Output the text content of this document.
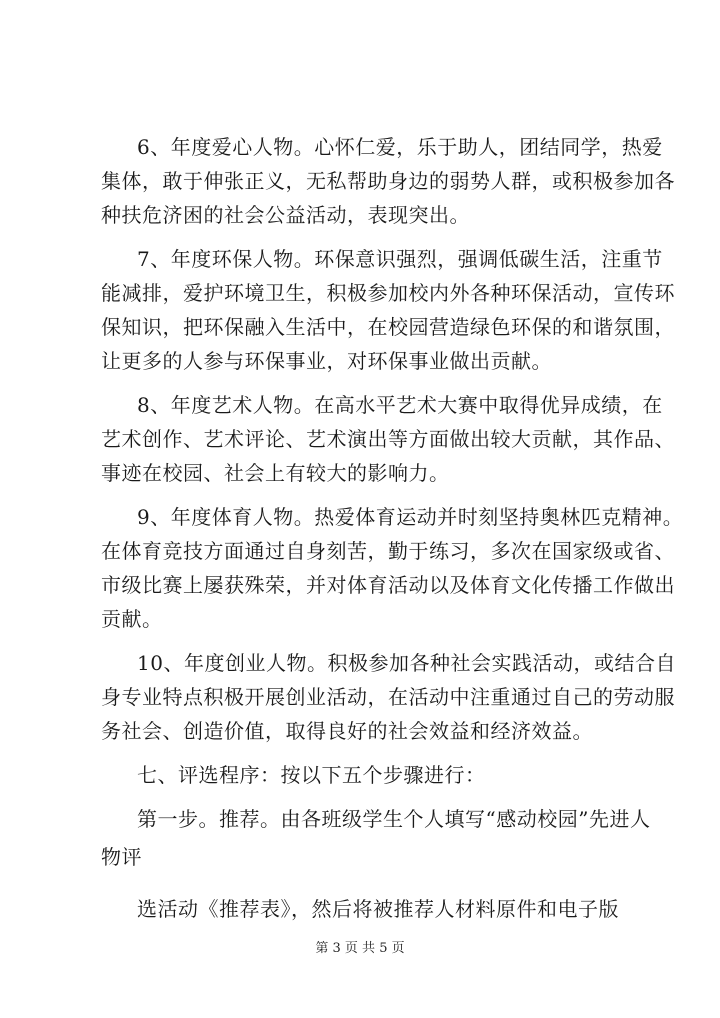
6、年度爱心人物。心怀仁爱，乐于助人，团结同学，热爱
集体，敢于伸张正义，无私帮助身边的弱势人群，或积极参加各
种扶危济困的社会公益活动，表现突出。

7、年度环保人物。环保意识强烈，强调低碳生活，注重节
能减排，爱护环境卫生，积极参加校内外各种环保活动，宣传环
保知识，把环保融入生活中，在校园营造绿色环保的和谐氛围，
让更多的人参与环保事业，对环保事业做出贡献。

8、年度艺术人物。在高水平艺术大赛中取得优异成绩，在
艺术创作、艺术评论、艺术演出等方面做出较大贡献，其作品、
事迹在校园、社会上有较大的影响力。

9、年度体育人物。热爱体育运动并时刻坚持奥林匹克精神。
在体育竞技方面通过自身刻苦，勤于练习，多次在国家级或省、
市级比赛上屡获殊荣，并对体育活动以及体育文化传播工作做出
贡献。

10、年度创业人物。积极参加各种社会实践活动，或结合自
身专业特点积极开展创业活动，在活动中注重通过自己的劳动服
务社会、创造价值，取得良好的社会效益和经济效益。

七、评选程序：按以下五个步骤进行：

第一步。推荐。由各班级学生个人填写“感动校园”先进人

物评

选活动《推荐表》，然后将被推荐人材料原件和电子版

第 3 页 共 5 页
